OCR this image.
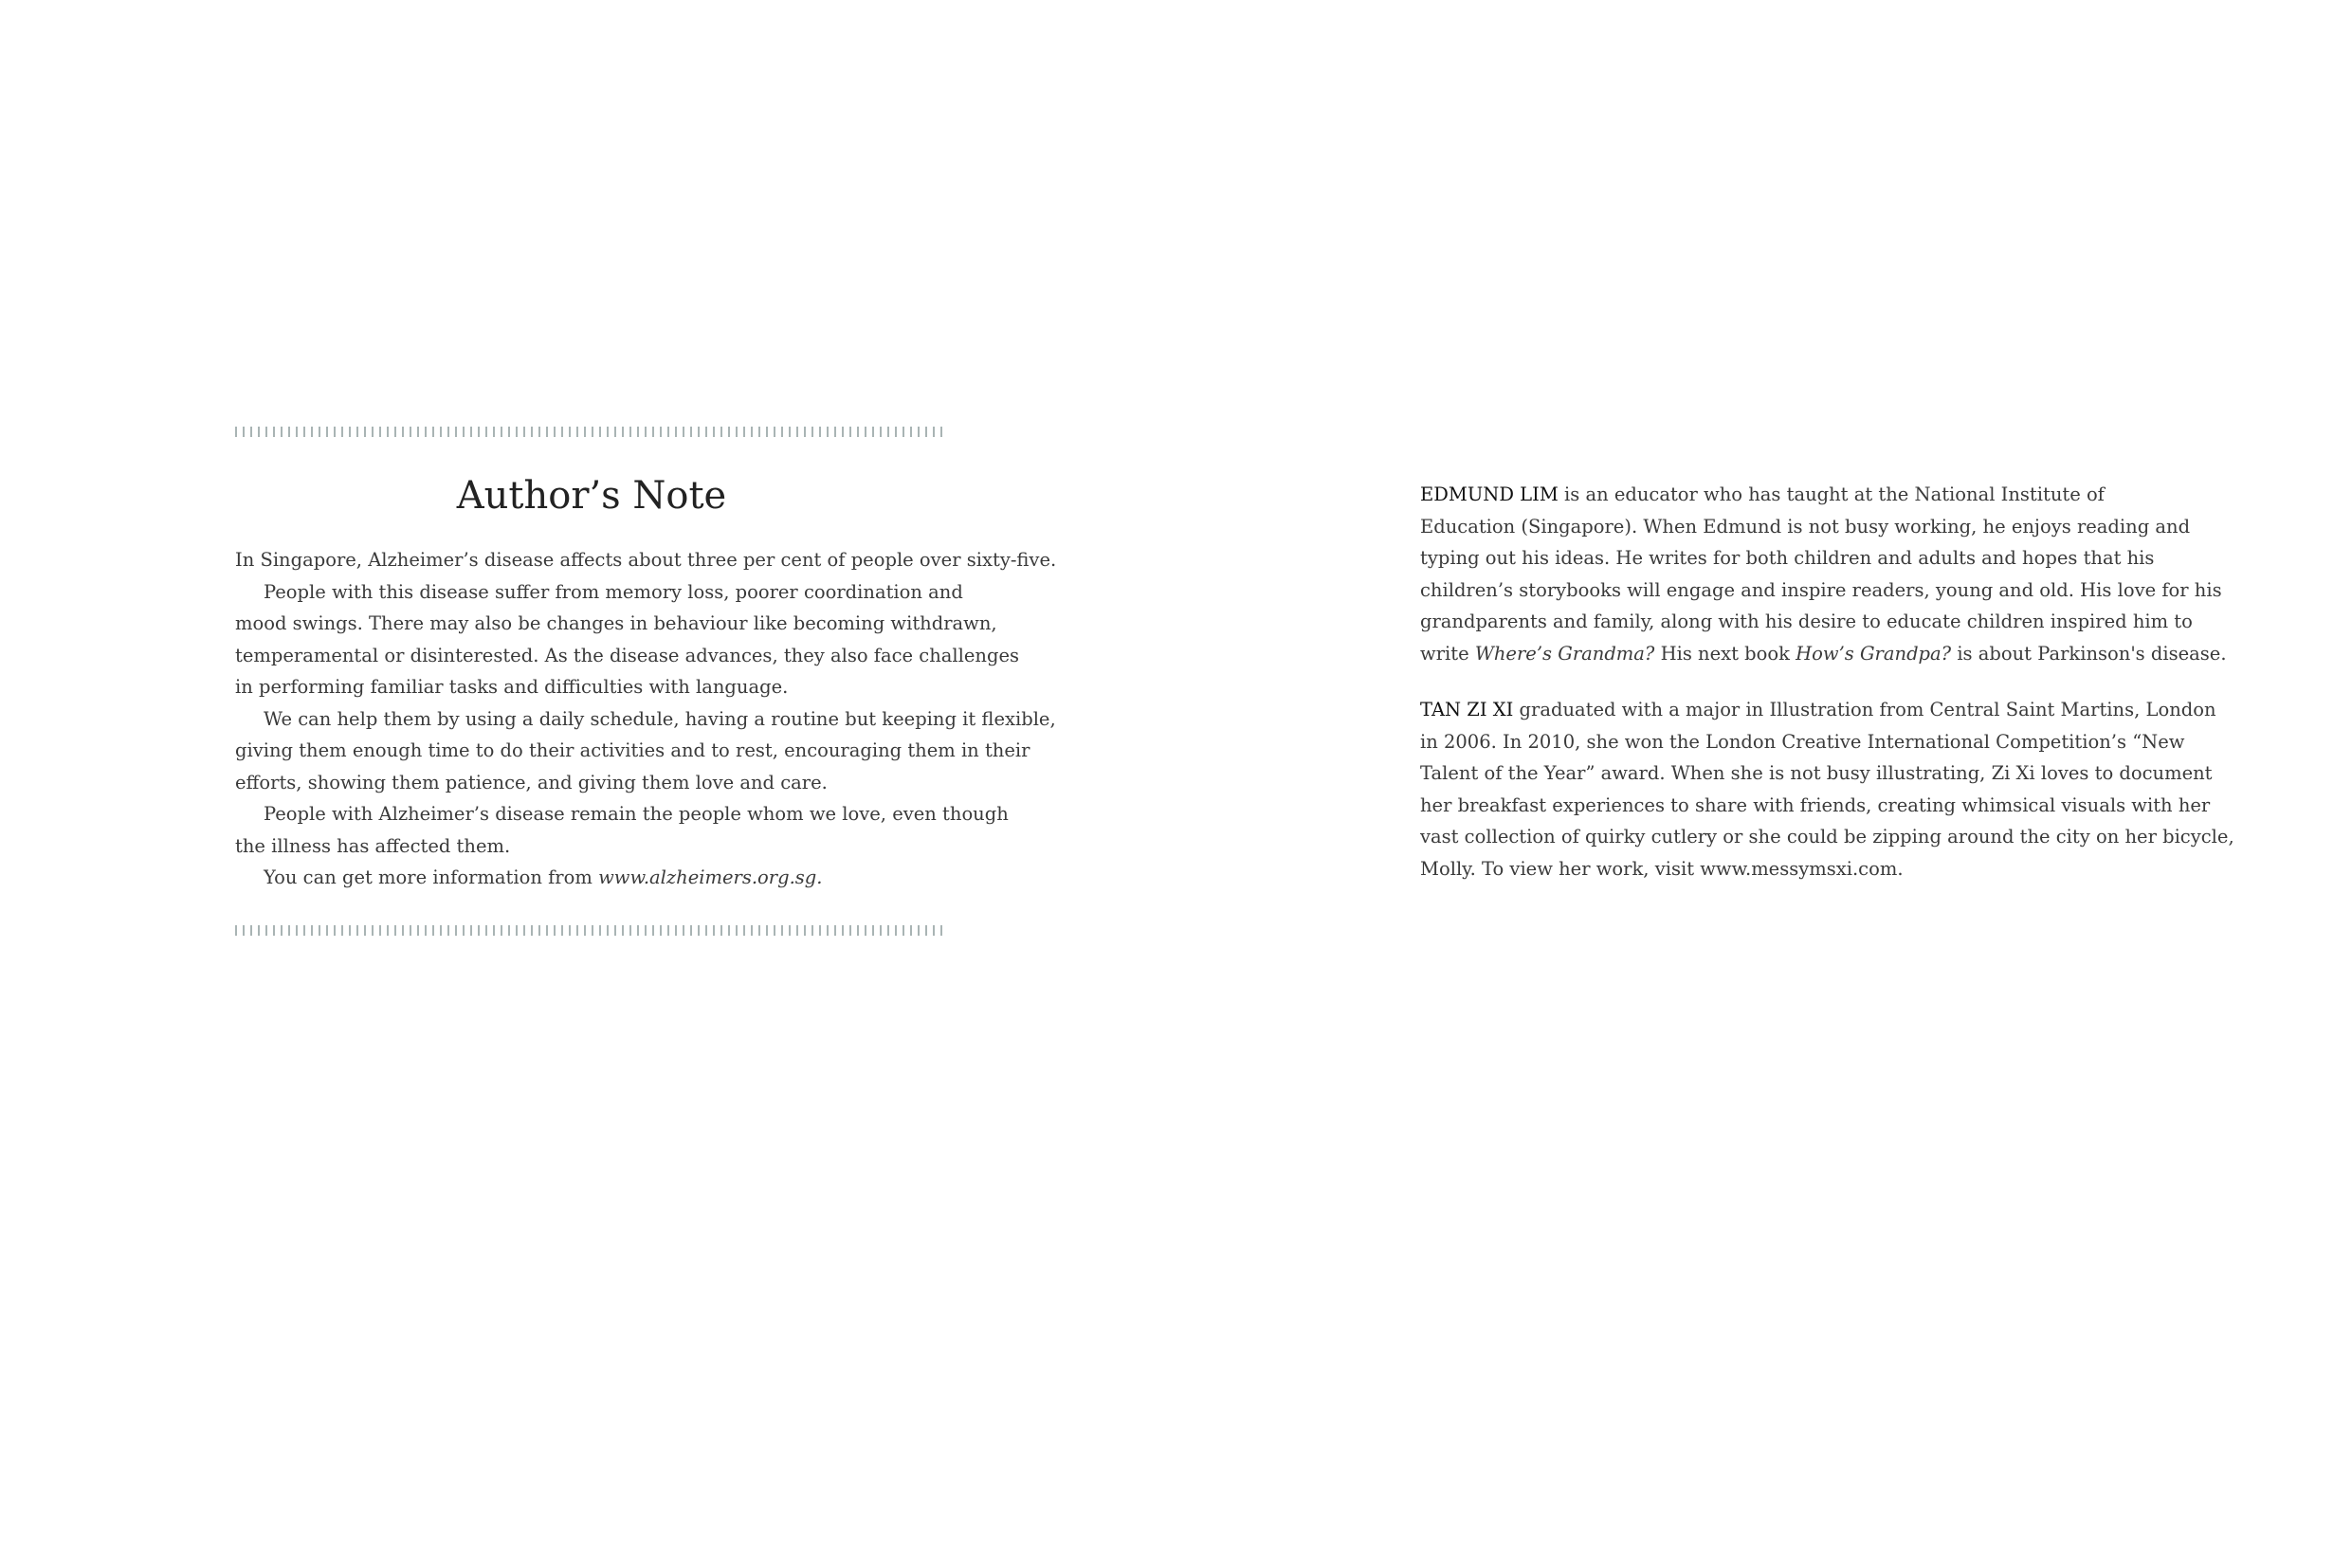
Author’s Note

In Singapore, Alzheimer’s disease affects about three per cent of people over sixty-five.

People with this disease suffer from memory loss, poorer coordination and

mood swings. There may also be changes in behaviour like becoming withdrawn,

temperamental or disinterested. As the disease advances, they also face challenges

in performing familiar tasks and difficulties with language.

We can help them by using a daily schedule, having a routine but keeping it flexible,

giving them enough time to do their activities and to rest, encouraging them in their

efforts, showing them patience, and giving them love and care.

People with Alzheimer’s disease remain the people whom we love, even though

the illness has affected them.

You can get more information from www.alzheimers.org.sg.

EDMUND LIM is an educator who has taught at the National Institute of
Education (Singapore). When Edmund is not busy working, he enjoys reading and
typing out his ideas. He writes for both children and adults and hopes that his
children’s storybooks will engage and inspire readers, young and old. His love for his
grandparents and family, along with his desire to educate children inspired him to
write Where’s Grandma? His next book How’s Grandpa? is about Parkinson's disease.
TAN ZI XI graduated with a major in Illustration from Central Saint Martins, London
in 2006. In 2010, she won the London Creative International Competition’s “New
Talent of the Year” award. When she is not busy illustrating, Zi Xi loves to document
her breakfast experiences to share with friends, creating whimsical visuals with her
vast collection of quirky cutlery or she could be zipping around the city on her bicycle,
Molly. To view her work, visit www.messymsxi.com.
